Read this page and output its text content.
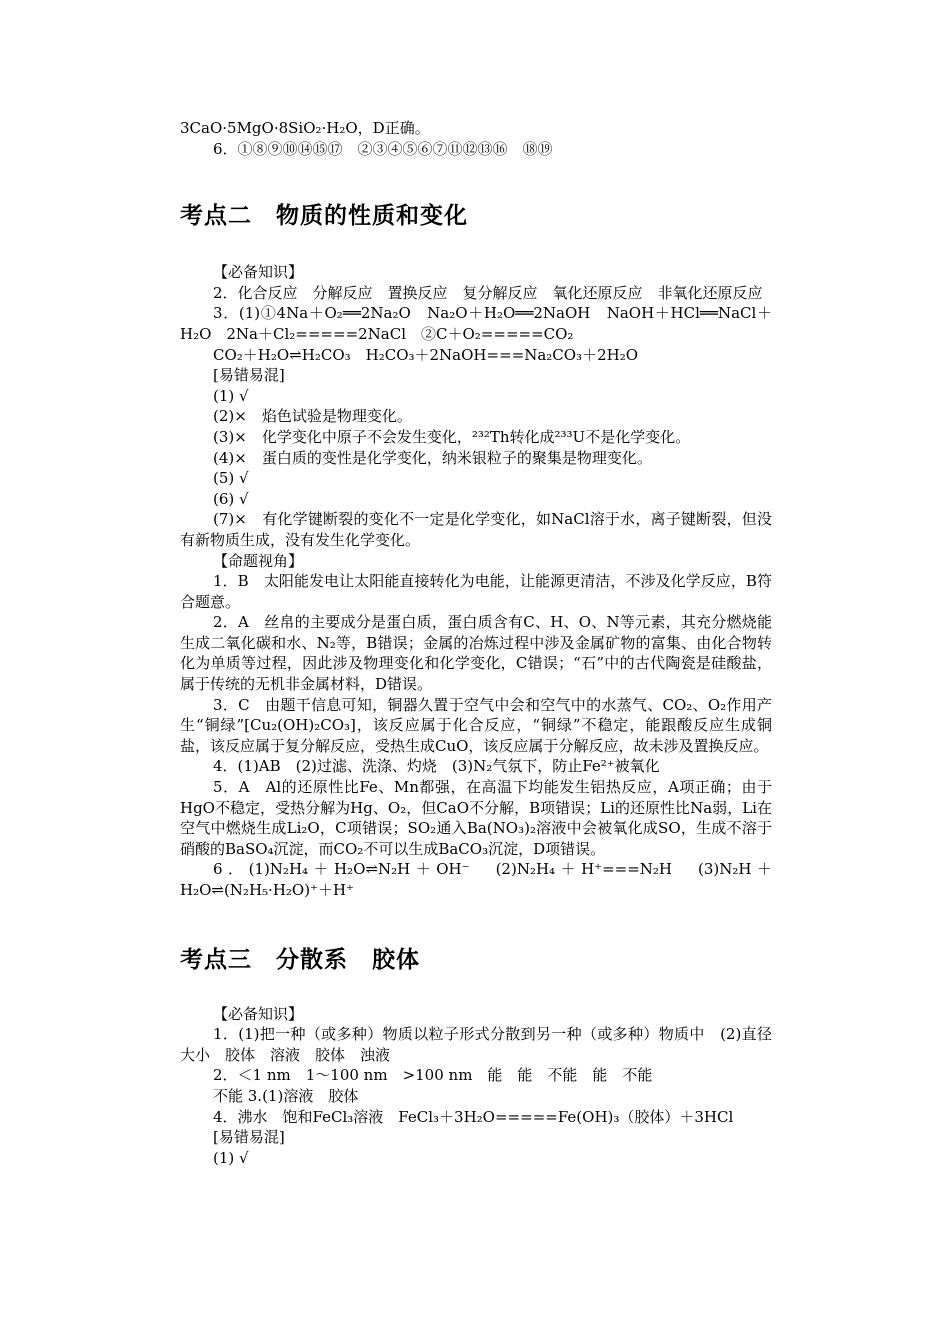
3CaO·5MgO·8SiO₂·H₂O，D正确。

6．①⑧⑨⑩⑭⑮⑰　②③④⑤⑥⑦⑪⑫⑬⑯　⑱⑲

考点二　物质的性质和变化

【必备知识】

2．化合反应　分解反应　置换反应　复分解反应　氧化还原反应　非氧化还原反应

3．(1)①4Na＋O₂══2Na₂O　Na₂O＋H₂O══2NaOH　NaOH＋HCl══NaCl＋H₂O　2Na＋Cl₂=====2NaCl　②C＋O₂=====CO₂

CO₂＋H₂O⇌H₂CO₃　H₂CO₃＋2NaOH===Na₂CO₃＋2H₂O

[易错易混]

(1) √

(2)×　焰色试验是物理变化。

(3)×　化学变化中原子不会发生变化，²³²Th转化成²³³U不是化学变化。

(4)×　蛋白质的变性是化学变化，纳米银粒子的聚集是物理变化。

(5) √

(6) √

(7)×　有化学键断裂的变化不一定是化学变化，如NaCl溶于水，离子键断裂，但没有新物质生成，没有发生化学变化。

【命题视角】

1．B　太阳能发电让太阳能直接转化为电能，让能源更清洁，不涉及化学反应，B符合题意。

2．A　丝帛的主要成分是蛋白质，蛋白质含有C、H、O、N等元素，其充分燃烧能生成二氧化碳和水、N₂等，B错误；金属的冶炼过程中涉及金属矿物的富集、由化合物转化为单质等过程，因此涉及物理变化和化学变化，C错误；“石”中的古代陶瓷是硅酸盐，属于传统的无机非金属材料，D错误。

3．C　由题干信息可知，铜器久置于空气中会和空气中的水蒸气、CO₂、O₂作用产生“铜绿”[Cu₂(OH)₂CO₃]，该反应属于化合反应，“铜绿”不稳定，能跟酸反应生成铜盐，该反应属于复分解反应，受热生成CuO，该反应属于分解反应，故未涉及置换反应。

4．(1)AB　(2)过滤、洗涤、灼烧　(3)N₂气氛下，防止Fe²⁺被氧化

5．A　Al的还原性比Fe、Mn都强，在高温下均能发生铝热反应，A项正确；由于HgO不稳定，受热分解为Hg、O₂，但CaO不分解，B项错误；Li的还原性比Na弱，Li在空气中燃烧生成Li₂O，C项错误；SO₂通入Ba(NO₃)₂溶液中会被氧化成SO，生成不溶于硝酸的BaSO₄沉淀，而CO₂不可以生成BaCO₃沉淀，D项错误。

6．(1)N₂H₄＋H₂O⇌N₂H＋OH⁻　(2)N₂H₄＋H⁺===N₂H　(3)N₂H＋H₂O⇌(N₂H₅·H₂O)⁺＋H⁺

考点三　分散系　胶体

【必备知识】

1．(1)把一种（或多种）物质以粒子形式分散到另一种（或多种）物质中　(2)直径大小　胶体　溶液　胶体　浊液

2．＜1 nm　1～100 nm　>100 nm　能　能　不能　能　不能

不能 3.(1)溶液　胶体

4．沸水　饱和FeCl₃溶液　FeCl₃＋3H₂O=====Fe(OH)₃（胶体）＋3HCl

[易错易混]

(1) √
